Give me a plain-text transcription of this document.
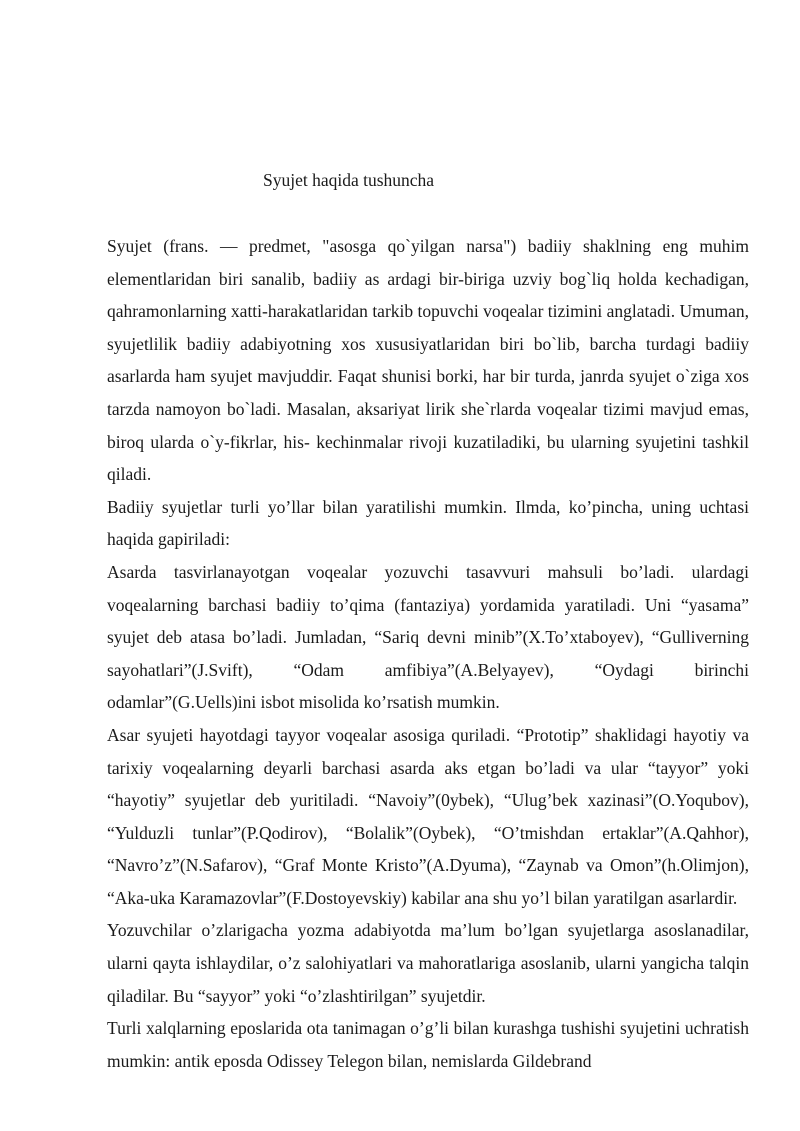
Syujet haqida tushuncha

Syujet (frans. — predmet, "asosga qo`yilgan narsa") badiiy shaklning eng muhim elementlaridan biri sanalib, badiiy as ardagi bir-biriga uzviy bog`liq holda kechadigan, qahramonlarning xatti-harakatlaridan tarkib topuvchi voqealar tizimini anglatadi. Umuman, syujetlilik badiiy adabiyotning xos xususiyatlaridan biri bo`lib, barcha turdagi badiiy asarlarda ham syujet mavjuddir. Faqat shunisi borki, har bir turda, janrda syujet o`ziga xos tarzda namoyon bo`ladi. Masalan, aksariyat lirik she`rlarda voqealar tizimi mavjud emas, biroq ularda o`y-fikrlar, his- kechinmalar rivoji kuzatiladiki, bu ularning syujetini tashkil qiladi.

Badiiy syujetlar turli yo’llar bilan yaratilishi mumkin. Ilmda, ko’pincha, uning uchtasi haqida gapiriladi:

Asarda tasvirlanayotgan voqealar yozuvchi tasavvuri mahsuli bo’ladi. ulardagi voqealarning barchasi badiiy to’qima (fantaziya) yordamida yaratiladi. Uni “yasama” syujet deb atasa bo’ladi. Jumladan, “Sariq devni minib”(X.To’xtaboyev), “Gulliverning sayohatlari”(J.Svift), “Odam amfibiya”(A.Belyayev), “Oydagi birinchi odamlar”(G.Uells)ini isbot misolida ko’rsatish mumkin.

Asar syujeti hayotdagi tayyor voqealar asosiga quriladi. “Prototip” shaklidagi hayotiy va tarixiy voqealarning deyarli barchasi asarda aks etgan bo’ladi va ular “tayyor” yoki “hayotiy” syujetlar deb yuritiladi. “Navoiy”(0ybek), “Ulug’bek xazinasi”(O.Yoqubov), “Yulduzli tunlar”(P.Qodirov), “Bolalik”(Oybek), “O’tmishdan ertaklar”(A.Qahhor), “Navro’z”(N.Safarov), “Graf Monte Kristo”(A.Dyuma), “Zaynab va Omon”(h.Olimjon), “Aka-uka Karamazovlar”(F.Dostoyevskiy) kabilar ana shu yo’l bilan yaratilgan asarlardir.

Yozuvchilar o’zlarigacha yozma adabiyotda ma’lum bo’lgan syujetlarga asoslanadilar, ularni qayta ishlaydilar, o’z salohiyatlari va mahoratlariga asoslanib, ularni yangicha talqin qiladilar. Bu “sayyor” yoki “o’zlashtirilgan” syujetdir.

Turli xalqlarning eposlarida ota tanimagan o’g’li bilan kurashga tushishi syujetini uchratish mumkin: antik eposda Odissey Telegon bilan, nemislarda Gildebrand
